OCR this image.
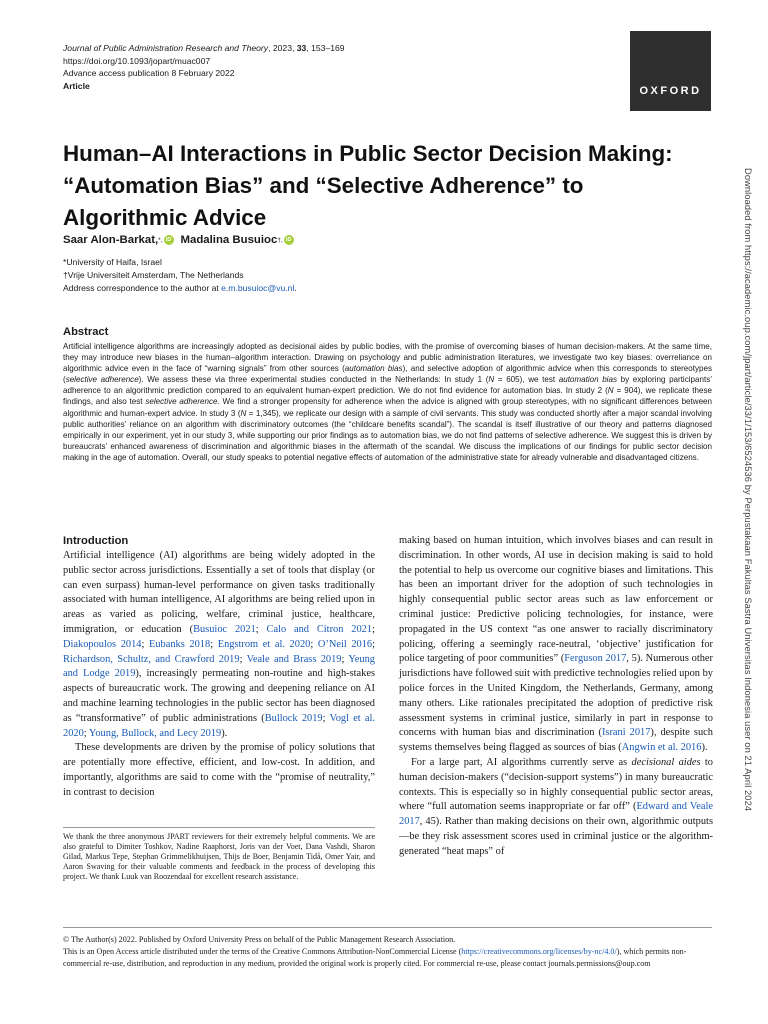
Journal of Public Administration Research and Theory, 2023, 33, 153–169
https://doi.org/10.1093/jopart/muac007
Advance access publication 8 February 2022
Article	OXFORD
Human–AI Interactions in Public Sector Decision Making: “Automation Bias” and “Selective Adherence” to Algorithmic Advice
Saar Alon-Barkat, *, iD Madalina Busuioc †, iD
*University of Haifa, Israel
†Vrije Universiteit Amsterdam, The Netherlands
Address correspondence to the author at e.m.busuioc@vu.nl.
Abstract

Artificial intelligence algorithms are increasingly adopted as decisional aides by public bodies, with the promise of overcoming biases of human decision-makers. At the same time, they may introduce new biases in the human–algorithm interaction. Drawing on psychology and public administration literatures, we investigate two key biases: overreliance on algorithmic advice even in the face of “warning signals” from other sources (automation bias), and selective adoption of algorithmic advice when this corresponds to stereotypes (selective adherence). We assess these via three experimental studies conducted in the Netherlands: In study 1 (N = 605), we test automation bias by exploring participants’ adherence to an algorithmic prediction compared to an equivalent human-expert prediction. We do not find evidence for automation bias. In study 2 (N = 904), we replicate these findings, and also test selective adherence. We find a stronger propensity for adherence when the advice is aligned with group stereotypes, with no significant differences between algorithmic and human-expert advice. In study 3 (N = 1,345), we replicate our design with a sample of civil servants. This study was conducted shortly after a major scandal involving public authorities’ reliance on an algorithm with discriminatory outcomes (the “childcare benefits scandal”). The scandal is itself illustrative of our theory and patterns diagnosed empirically in our experiment, yet in our study 3, while supporting our prior findings as to automation bias, we do not find patterns of selective adherence. We suggest this is driven by bureaucrats’ enhanced awareness of discrimination and algorithmic biases in the aftermath of the scandal. We discuss the implications of our findings for public sector decision making in the age of automation. Overall, our study speaks to potential negative effects of automation of the administrative state for already vulnerable and disadvantaged citizens.

Introduction

Artificial intelligence (AI) algorithms are being widely adopted in the public sector across jurisdictions. Essentially a set of tools that display (or can even surpass) human-level performance on given tasks traditionally associated with human intelligence, AI algorithms are being relied upon in areas as varied as policing, welfare, criminal justice, healthcare, immigration, or education (Busuioc 2021; Calo and Citron 2021; Diakopoulos 2014; Eubanks 2018; Engstrom et al. 2020; O’Neil 2016; Richardson, Schultz, and Crawford 2019; Veale and Brass 2019; Yeung and Lodge 2019), increasingly permeating non-routine and high-stakes aspects of bureaucratic work. The growing and deepening reliance on AI and machine learning technologies in the public sector has been diagnosed as “transformative” of public administrations (Bullock 2019; Vogl et al. 2020; Young, Bullock, and Lecy 2019).

These developments are driven by the promise of policy solutions that are potentially more effective, efficient, and low-cost. In addition, and importantly, algorithms are said to come with the “promise of neutrality,” in contrast to decision

We thank the three anonymous JPART reviewers for their extremely helpful comments. We are also grateful to Dimiter Toshkov, Nadine Raaphorst, Joris van der Voet, Dana Vashdi, Sharon Gilad, Markus Tepe, Stephan Grimmelikhuijsen, Thijs de Boer, Benjamin Tidå, Omer Yair, and Aaron Swaving for their valuable comments and feedback in the process of developing this project. We thank Luuk van Roozendaal for excellent research assistance.

making based on human intuition, which involves biases and can result in discrimination. In other words, AI use in decision making is said to hold the potential to help us overcome our cognitive biases and limitations. This has been an important driver for the adoption of such technologies in highly consequential public sector areas such as law enforcement or criminal justice: Predictive policing technologies, for instance, were propagated in the US context “as one answer to racially discriminatory policing, offering a seemingly race-neutral, ‘objective’ justification for police targeting of poor communities” (Ferguson 2017, 5). Numerous other jurisdictions have followed suit with predictive technologies relied upon by police forces in the United Kingdom, the Netherlands, Germany, among many others. Like rationales precipitated the adoption of predictive risk assessment systems in criminal justice, similarly in part in response to concerns with human bias and discrimination (Israni 2017), despite such systems themselves being flagged as sources of bias (Angwin et al. 2016).

For a large part, AI algorithms currently serve as decisional aides to human decision-makers (“decision-support systems”) in many bureaucratic contexts. This is especially so in highly consequential public sector areas, where “full automation seems inappropriate or far off” (Edward and Veale 2017, 45). Rather than making decisions on their own, algorithmic outputs—be they risk assessment scores used in criminal justice or the algorithm-generated “heat maps” of

© The Author(s) 2022. Published by Oxford University Press on behalf of the Public Management Research Association.
This is an Open Access article distributed under the terms of the Creative Commons Attribution-NonCommercial License (https://creativecommons.org/licenses/by-nc/4.0/), which permits non-commercial re-use, distribution, and reproduction in any medium, provided the original work is properly cited. For commercial re-use, please contact journals.permissions@oup.com
Downloaded from https://academic.oup.com/jpart/article/33/1/153/6524536 by Perpustakaan Fakultas Sastra Universitas Indonesia user on 21 April 2024
